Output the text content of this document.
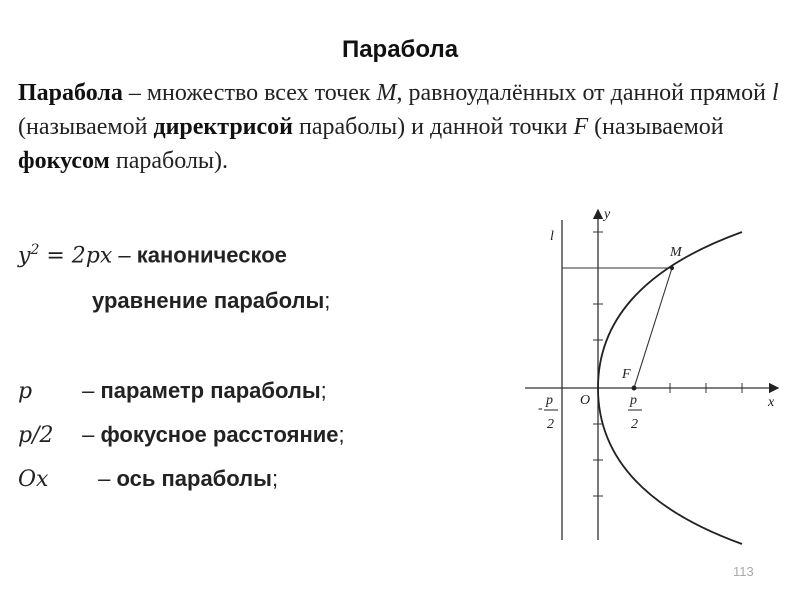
Парабола
Парабола – множество всех точек M, равноудалённых от данной прямой l (называемой директрисой параболы) и данной точки F (называемой фокусом параболы).
$y^2 = 2px$ – каноническое
уравнение параболы;
p – параметр параболы;
p/2 – фокусное расстояние;
Ox – ось параболы;
y
x
O
l
M
F
-
p
2
p
2
113
